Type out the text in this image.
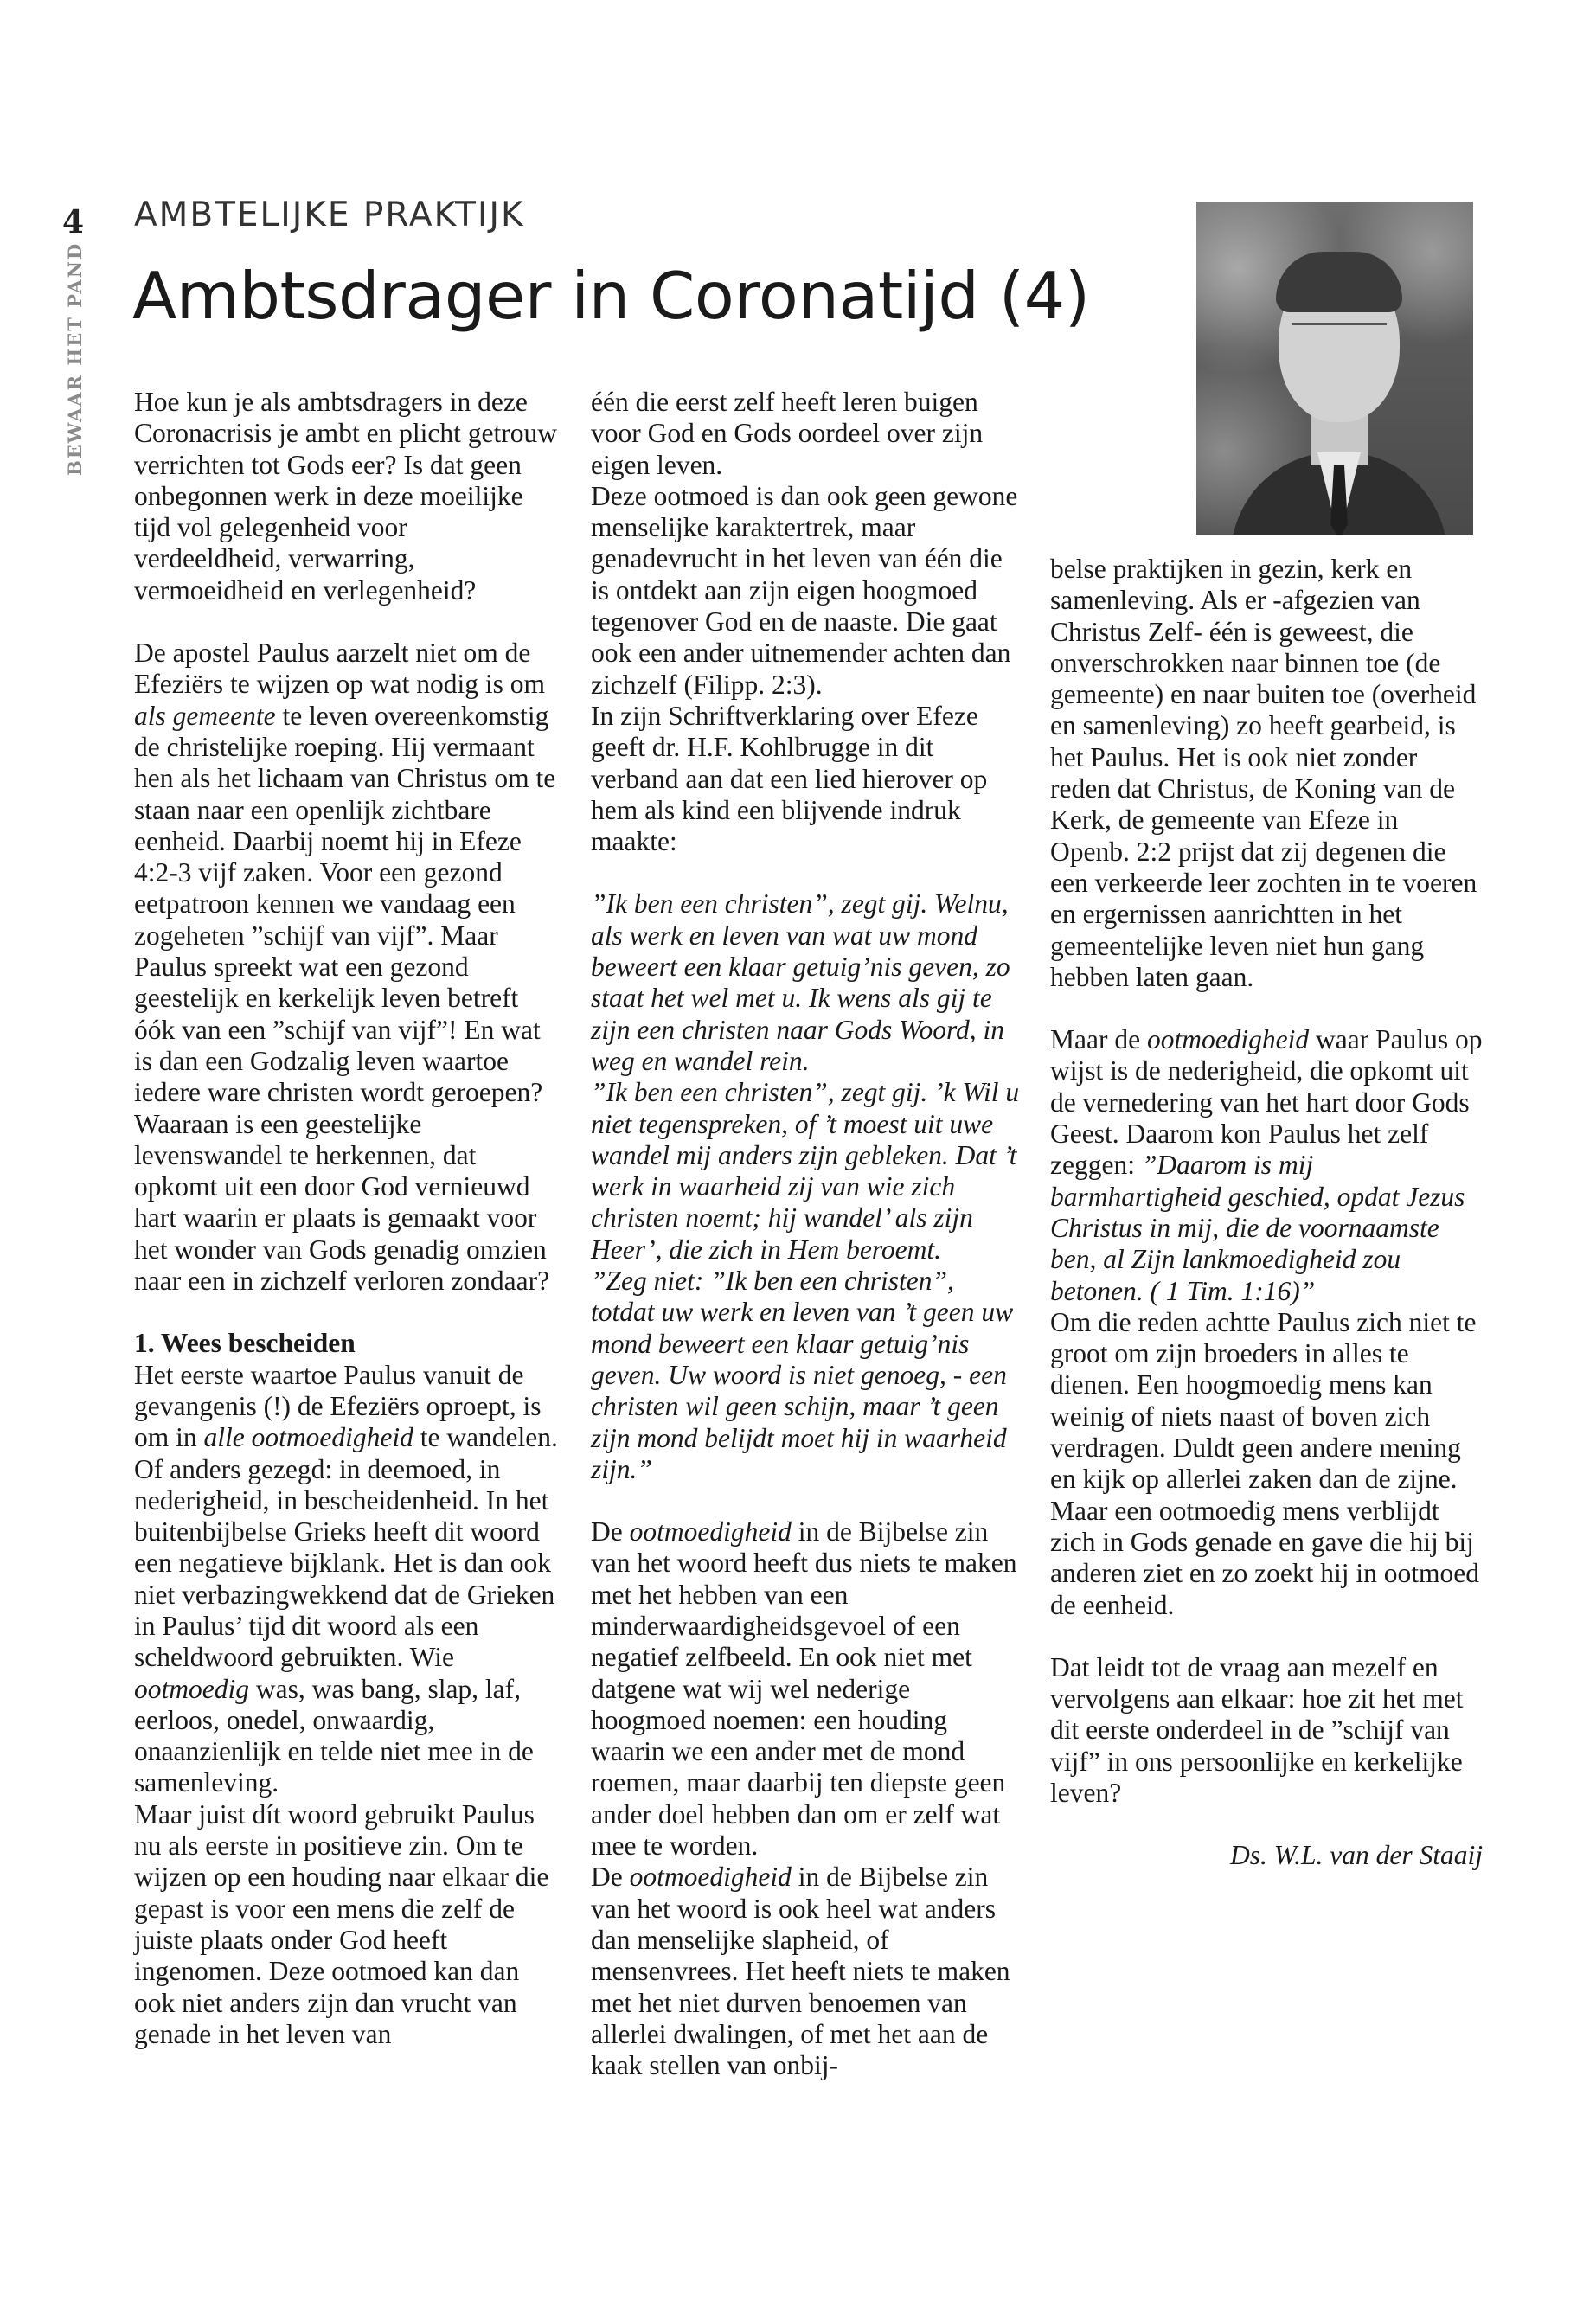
4
BEWAAR HET PAND
AMBTELIJKE PRAKTIJK
Ambtsdrager in Coronatijd (4)

Hoe kun je als ambtsdragers in deze Coronacrisis je ambt en plicht getrouw verrichten tot Gods eer? Is dat geen onbegonnen werk in deze moeilijke tijd vol gelegenheid voor verdeeldheid, verwarring, vermoeidheid en verlegenheid?

De apostel Paulus aarzelt niet om de Efeziërs te wijzen op wat nodig is om als gemeente te leven overeenkomstig de christelijke roeping. Hij vermaant hen als het lichaam van Christus om te staan naar een openlijk zichtbare eenheid. Daarbij noemt hij in Efeze 4:2-3 vijf zaken. Voor een gezond eetpatroon kennen we vandaag een zogeheten ”schijf van vijf”. Maar Paulus spreekt wat een gezond geestelijk en kerkelijk leven betreft óók van een ”schijf van vijf”! En wat is dan een Godzalig leven waartoe iedere ware christen wordt geroepen? Waaraan is een geestelijke levenswandel te herkennen, dat opkomt uit een door God vernieuwd hart waarin er plaats is gemaakt voor het wonder van Gods genadig omzien naar een in zichzelf verloren zondaar?

1. Wees bescheiden

Het eerste waartoe Paulus vanuit de gevangenis (!) de Efeziërs oproept, is om in alle ootmoedigheid te wandelen. Of anders gezegd: in deemoed, in nederigheid, in bescheidenheid. In het buitenbijbelse Grieks heeft dit woord een negatieve bijklank. Het is dan ook niet verbazingwekkend dat de Grieken in Paulus’ tijd dit woord als een scheldwoord gebruikten. Wie ootmoedig was, was bang, slap, laf, eerloos, onedel, onwaardig, onaanzienlijk en telde niet mee in de samenleving.

Maar juist dít woord gebruikt Paulus nu als eerste in positieve zin. Om te wijzen op een houding naar elkaar die gepast is voor een mens die zelf de juiste plaats onder God heeft ingenomen. Deze ootmoed kan dan ook niet anders zijn dan vrucht van genade in het leven van

één die eerst zelf heeft leren buigen voor God en Gods oordeel over zijn eigen leven.

Deze ootmoed is dan ook geen gewone menselijke karaktertrek, maar genadevrucht in het leven van één die is ontdekt aan zijn eigen hoogmoed tegenover God en de naaste. Die gaat ook een ander uitnemender achten dan zichzelf (Filipp. 2:3).

In zijn Schriftverklaring over Efeze geeft dr. H.F. Kohlbrugge in dit verband aan dat een lied hierover op hem als kind een blijvende indruk maakte:

”Ik ben een christen”, zegt gij. Welnu, als werk en leven van wat uw mond beweert een klaar getuig’nis geven, zo staat het wel met u. Ik wens als gij te zijn een christen naar Gods Woord, in weg en wandel rein.

”Ik ben een christen”, zegt gij. ’k Wil u niet tegenspreken, of ’t moest uit uwe wandel mij anders zijn gebleken. Dat ’t werk in waarheid zij van wie zich christen noemt; hij wandel’ als zijn Heer’, die zich in Hem beroemt.

”Zeg niet: ”Ik ben een christen”, totdat uw werk en leven van ’t geen uw mond beweert een klaar getuig’nis geven. Uw woord is niet genoeg, - een christen wil geen schijn, maar ’t geen zijn mond belijdt moet hij in waarheid zijn.”

De ootmoedigheid in de Bijbelse zin van het woord heeft dus niets te maken met het hebben van een minderwaardigheidsgevoel of een negatief zelfbeeld. En ook niet met datgene wat wij wel nederige hoogmoed noemen: een houding waarin we een ander met de mond roemen, maar daarbij ten diepste geen ander doel hebben dan om er zelf wat mee te worden.

De ootmoedigheid in de Bijbelse zin van het woord is ook heel wat anders dan menselijke slapheid, of mensenvrees. Het heeft niets te maken met het niet durven benoemen van allerlei dwalingen, of met het aan de kaak stellen van onbij-

belse praktijken in gezin, kerk en samenleving. Als er -afgezien van Christus Zelf- één is geweest, die onverschrokken naar binnen toe (de gemeente) en naar buiten toe (overheid en samenleving) zo heeft gearbeid, is het Paulus. Het is ook niet zonder reden dat Christus, de Koning van de Kerk, de gemeente van Efeze in Openb. 2:2 prijst dat zij degenen die een verkeerde leer zochten in te voeren en ergernissen aanrichtten in het gemeentelijke leven niet hun gang hebben laten gaan.

Maar de ootmoedigheid waar Paulus op wijst is de nederigheid, die opkomt uit de vernedering van het hart door Gods Geest. Daarom kon Paulus het zelf zeggen: ”Daarom is mij barmhartigheid geschied, opdat Jezus Christus in mij, die de voornaamste ben, al Zijn lankmoedigheid zou betonen. ( 1 Tim. 1:16)”

Om die reden achtte Paulus zich niet te groot om zijn broeders in alles te dienen. Een hoogmoedig mens kan weinig of niets naast of boven zich verdragen. Duldt geen andere mening en kijk op allerlei zaken dan de zijne. Maar een ootmoedig mens verblijdt zich in Gods genade en gave die hij bij anderen ziet en zo zoekt hij in ootmoed de eenheid.

Dat leidt tot de vraag aan mezelf en vervolgens aan elkaar: hoe zit het met dit eerste onderdeel in de ”schijf van vijf” in ons persoonlijke en kerkelijke leven?

Ds. W.L. van der Staaij
